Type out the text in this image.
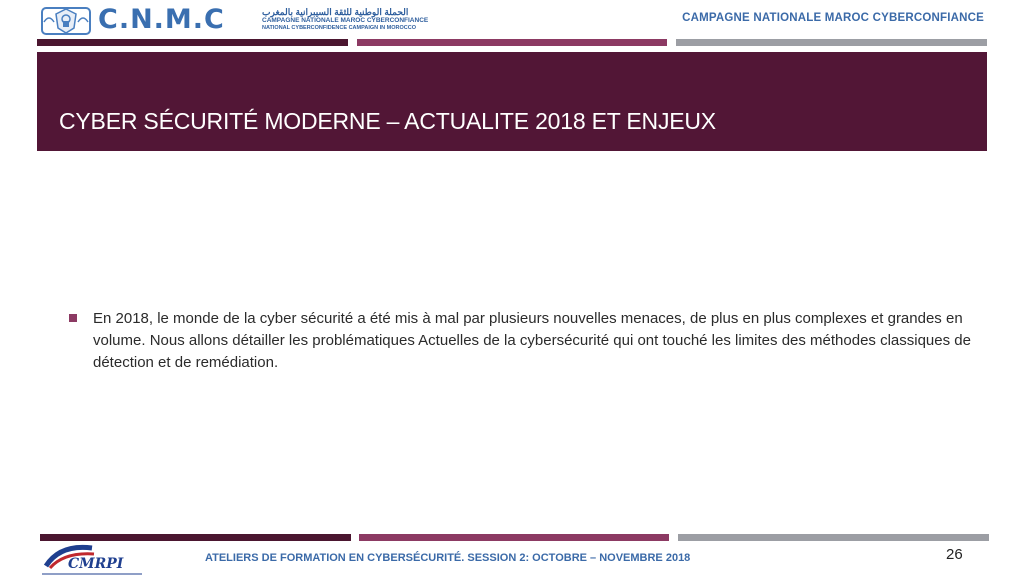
C.N.M.C	الحملة الوطنية للثقة السيبرانية بالمغرب
CAMPAGNE NATIONALE MAROC CYBERCONFIANCE
NATIONAL CYBERCONFIDENCE CAMPAIGN IN MOROCCO
CAMPAGNE NATIONALE MAROC CYBERCONFIANCE
CYBER SÉCURITÉ MODERNE – ACTUALITE 2018 ET ENJEUX
En 2018, le monde de la cyber sécurité a été mis à mal par plusieurs nouvelles menaces, de plus en plus complexes et grandes en volume. Nous allons détailler les problématiques Actuelles de la cybersécurité qui ont touché les limites des méthodes classiques de détection et de remédiation.
CMRPI	ATELIERS DE FORMATION EN CYBERSÉCURITÉ. SESSION 2: OCTOBRE – NOVEMBRE 2018	26
